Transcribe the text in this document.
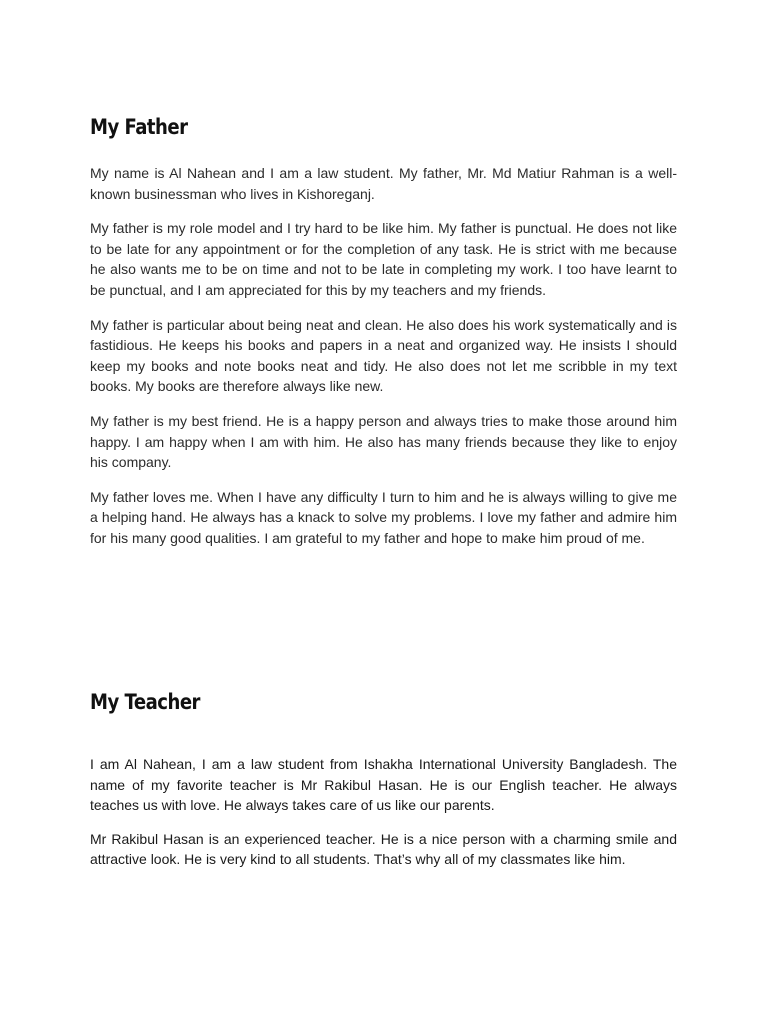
My Father

My name is Al Nahean and I am a law student. My father, Mr. Md Matiur Rahman is a well-known businessman who lives in Kishoreganj.

My father is my role model and I try hard to be like him. My father is punctual. He does not like to be late for any appointment or for the completion of any task. He is strict with me because he also wants me to be on time and not to be late in completing my work. I too have learnt to be punctual, and I am appreciated for this by my teachers and my friends.

My father is particular about being neat and clean. He also does his work systematically and is fastidious. He keeps his books and papers in a neat and organized way. He insists I should keep my books and note books neat and tidy. He also does not let me scribble in my text books. My books are therefore always like new.

My father is my best friend. He is a happy person and always tries to make those around him happy. I am happy when I am with him. He also has many friends because they like to enjoy his company.

My father loves me. When I have any difficulty I turn to him and he is always willing to give me a helping hand. He always has a knack to solve my problems. I love my father and admire him for his many good qualities. I am grateful to my father and hope to make him proud of me.

My Teacher

I am Al Nahean, I am a law student from Ishakha International University Bangladesh. The name of my favorite teacher is Mr Rakibul Hasan. He is our English teacher. He always teaches us with love. He always takes care of us like our parents.

Mr Rakibul Hasan is an experienced teacher. He is a nice person with a charming smile and attractive look. He is very kind to all students. That’s why all of my classmates like him.
